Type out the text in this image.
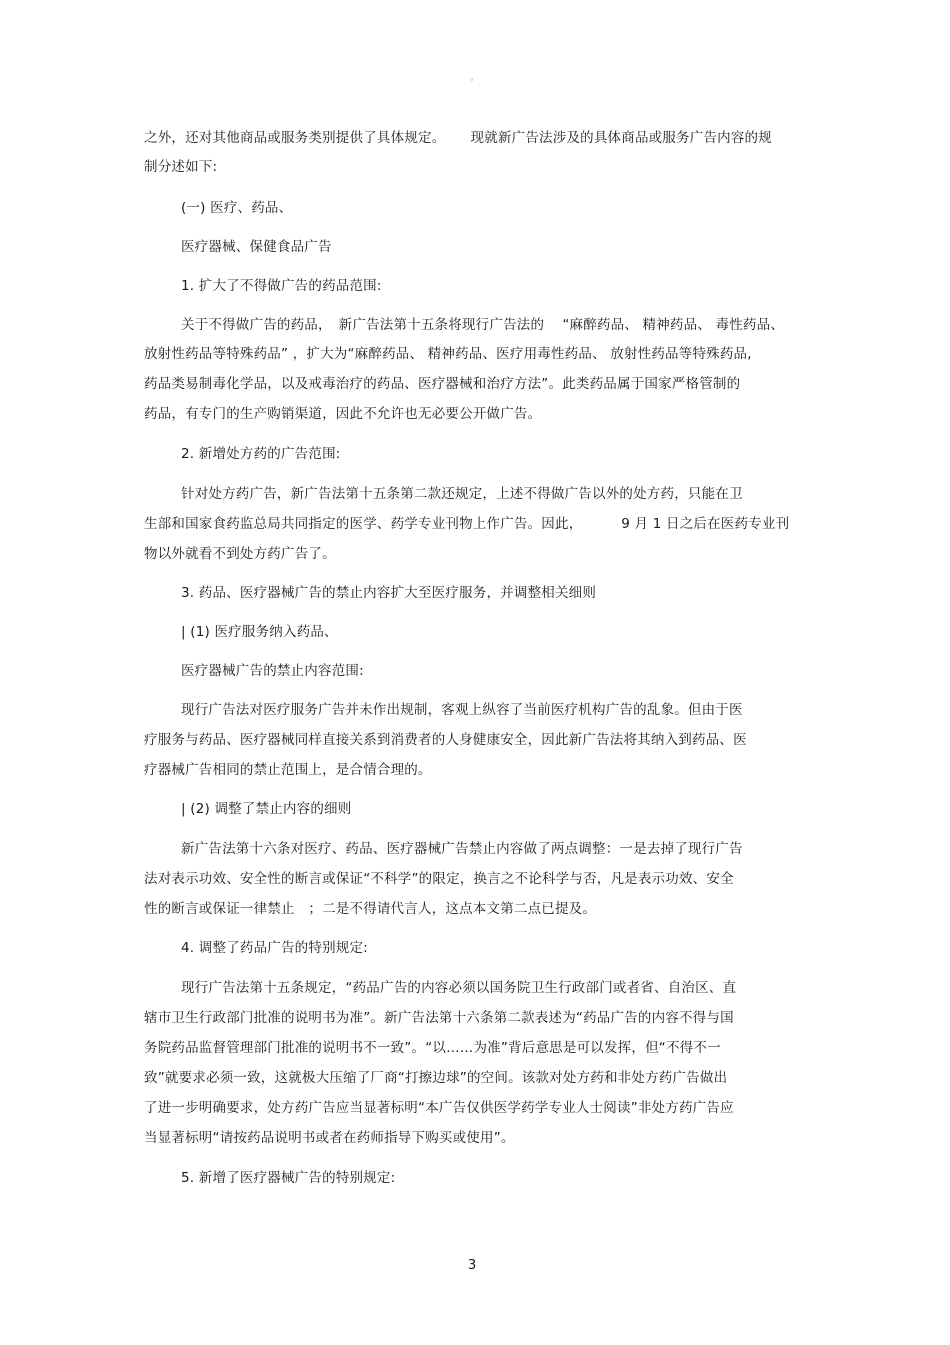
。
之外，还对其他商品或服务类别提供了具体规定。　　 现就新广告法涉及的具体商品或服务广告内容的规
制分述如下:
(一) 医疗、药品、
医疗器械、保健食品广告
1. 扩大了不得做广告的药品范围:
关于不得做广告的药品，　新广告法第十五条将现行广告法的　 “麻醉药品、 精神药品、 毒性药品、
放射性药品等特殊药品” ，扩大为“麻醉药品、 精神药品、医疗用毒性药品、 放射性药品等特殊药品,
药品类易制毒化学品，以及戒毒治疗的药品、医疗器械和治疗方法”。此类药品属于国家严格管制的
药品，有专门的生产购销渠道，因此不允许也无必要公开做广告。
2. 新增处方药的广告范围:
针对处方药广告，新广告法第十五条第二款还规定，上述不得做广告以外的处方药，只能在卫
生部和国家食药监总局共同指定的医学、药学专业刊物上作广告。因此，　　　 9 月 1 日之后在医药专业刊
物以外就看不到处方药广告了。
3. 药品、医疗器械广告的禁止内容扩大至医疗服务，并调整相关细则
| (1) 医疗服务纳入药品、
医疗器械广告的禁止内容范围:
现行广告法对医疗服务广告并未作出规制，客观上纵容了当前医疗机构广告的乱象。但由于医
疗服务与药品、医疗器械同样直接关系到消费者的人身健康安全，因此新广告法将其纳入到药品、医
疗器械广告相同的禁止范围上，是合情合理的。
| (2) 调整了禁止内容的细则
新广告法第十六条对医疗、药品、医疗器械广告禁止内容做了两点调整：一是去掉了现行广告
法对表示功效、安全性的断言或保证“不科学”的限定，换言之不论科学与否，凡是表示功效、安全
性的断言或保证一律禁止　；二是不得请代言人，这点本文第二点已提及。
4. 调整了药品广告的特别规定:
现行广告法第十五条规定，“药品广告的内容必须以国务院卫生行政部门或者省、自治区、直
辖市卫生行政部门批准的说明书为准”。新广告法第十六条第二款表述为“药品广告的内容不得与国
务院药品监督管理部门批准的说明书不一致”。“以……为准”背后意思是可以发挥，但“不得不一
致”就要求必须一致，这就极大压缩了厂商“打擦边球”的空间。该款对处方药和非处方药广告做出
了进一步明确要求，处方药广告应当显著标明“本广告仅供医学药学专业人士阅读”非处方药广告应
当显著标明“请按药品说明书或者在药师指导下购买或使用”。
5. 新增了医疗器械广告的特别规定:
3
